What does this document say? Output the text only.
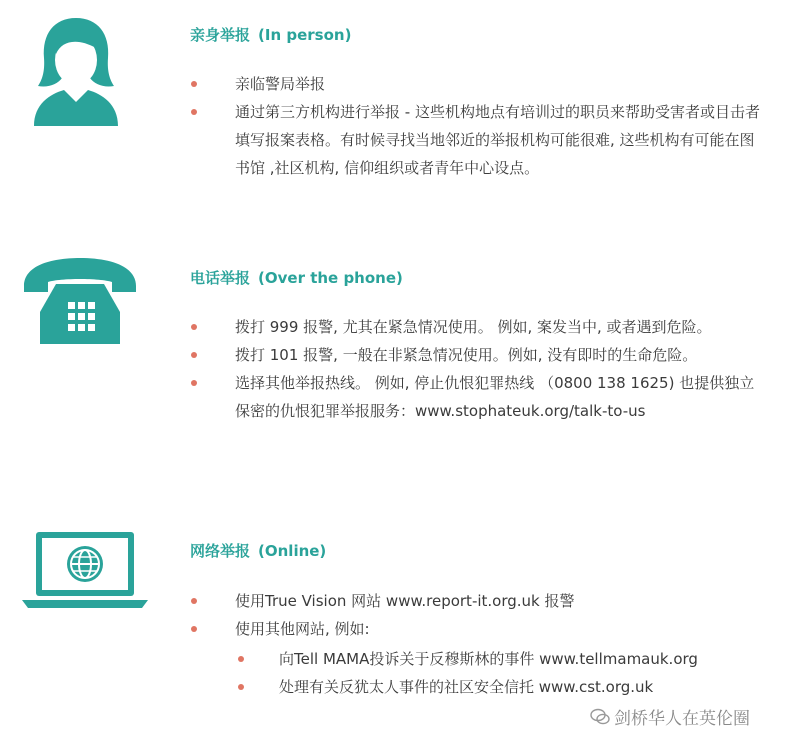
亲身举报 (In person)
亲临警局举报
通过第三方机构进行举报 - 这些机构地点有培训过的职员来帮助受害者或目击者填写报案表格。有时候寻找当地邻近的举报机构可能很难, 这些机构有可能在图书馆 ,社区机构, 信仰组织或者青年中心设点。
电话举报 (Over the phone)
拨打 999 报警, 尤其在紧急情况使用。 例如, 案发当中, 或者遇到危险。
拨打 101 报警, 一般在非紧急情况使用。例如, 没有即时的生命危险。
选择其他举报热线。 例如, 停止仇恨犯罪热线 （0800 138 1625) 也提供独立保密的仇恨犯罪举报服务：www.stophateuk.org/talk-to-us
网络举报 (Online)
使用True Vision 网站 www.report-it.org.uk 报警
使用其他网站, 例如:
向Tell MAMA投诉关于反穆斯林的事件 www.tellmamauk.org
处理有关反犹太人事件的社区安全信托 www.cst.org.uk
剑桥华人在英伦圈
